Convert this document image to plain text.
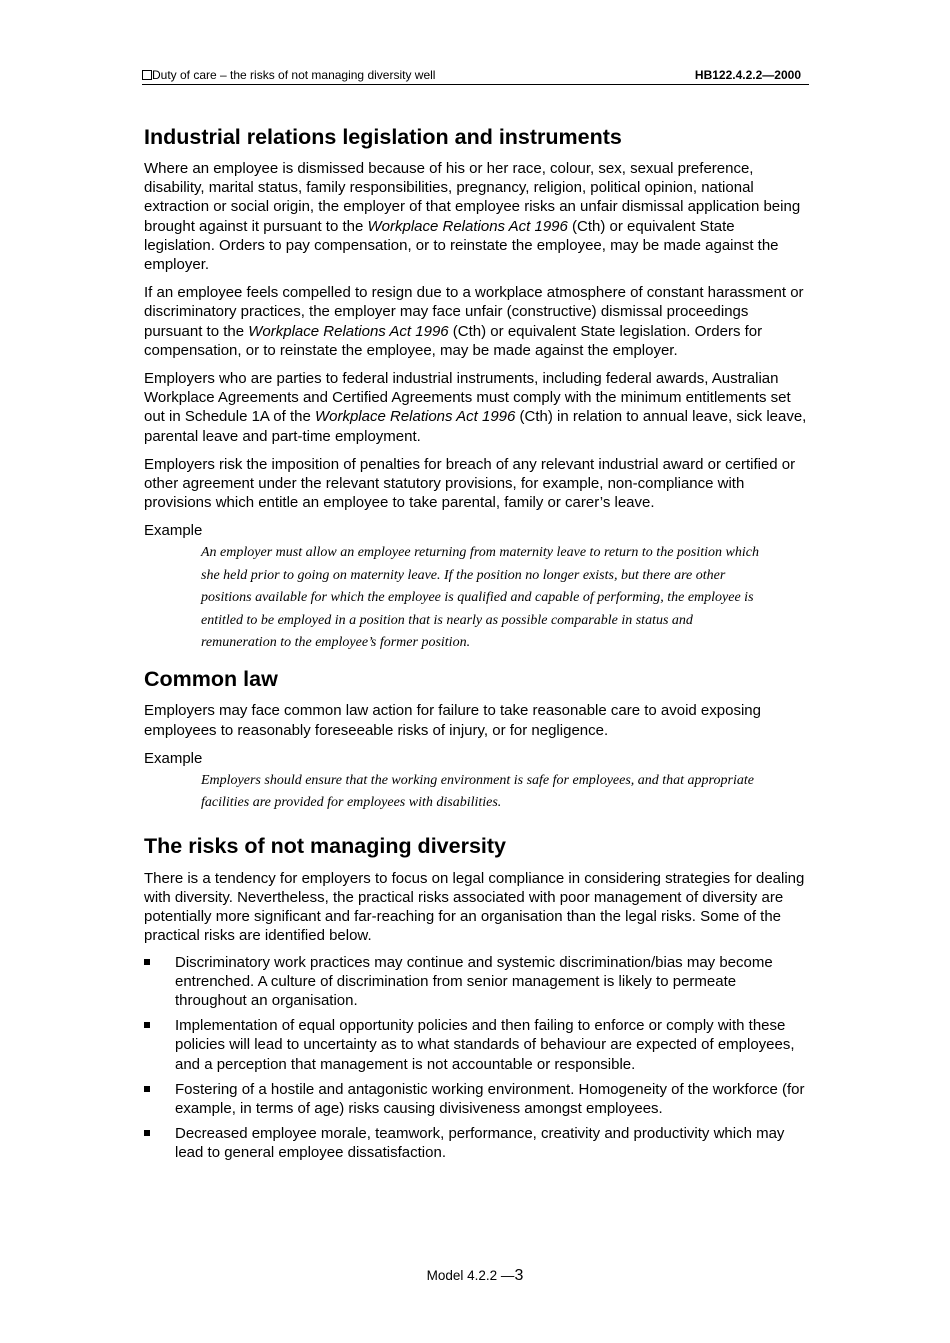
Duty of care – the risks of not managing diversity well	HB122.4.2.2—2000
Industrial relations legislation and instruments

Where an employee is dismissed because of his or her race, colour, sex, sexual preference, disability, marital status, family responsibilities, pregnancy, religion, political opinion, national extraction or social origin, the employer of that employee risks an unfair dismissal application being brought against it pursuant to the Workplace Relations Act 1996 (Cth) or equivalent State legislation. Orders to pay compensation, or to reinstate the employee, may be made against the employer.

If an employee feels compelled to resign due to a workplace atmosphere of constant harassment or discriminatory practices, the employer may face unfair (constructive) dismissal proceedings pursuant to the Workplace Relations Act 1996 (Cth) or equivalent State legislation. Orders for compensation, or to reinstate the employee, may be made against the employer.

Employers who are parties to federal industrial instruments, including federal awards, Australian Workplace Agreements and Certified Agreements must comply with the minimum entitlements set out in Schedule 1A of the Workplace Relations Act 1996 (Cth) in relation to annual leave, sick leave, parental leave and part-time employment.

Employers risk the imposition of penalties for breach of any relevant industrial award or certified or other agreement under the relevant statutory provisions, for example, non-compliance with provisions which entitle an employee to take parental, family or carer’s leave.

Example
An employer must allow an employee returning from maternity leave to return to the position which she held prior to going on maternity leave. If the position no longer exists, but there are other positions available for which the employee is qualified and capable of performing, the employee is entitled to be employed in a position that is nearly as possible comparable in status and remuneration to the employee’s former position.
Common law

Employers may face common law action for failure to take reasonable care to avoid exposing employees to reasonably foreseeable risks of injury, or for negligence.

Example
Employers should ensure that the working environment is safe for employees, and that appropriate facilities are provided for employees with disabilities.
The risks of not managing diversity

There is a tendency for employers to focus on legal compliance in considering strategies for dealing with diversity. Nevertheless, the practical risks associated with poor management of diversity are potentially more significant and far-reaching for an organisation than the legal risks. Some of the practical risks are identified below.

Discriminatory work practices may continue and systemic discrimination/bias may become entrenched. A culture of discrimination from senior management is likely to permeate throughout an organisation.
Implementation of equal opportunity policies and then failing to enforce or comply with these policies will lead to uncertainty as to what standards of behaviour are expected of employees, and a perception that management is not accountable or responsible.
Fostering of a hostile and antagonistic working environment. Homogeneity of the workforce (for example, in terms of age) risks causing divisiveness amongst employees.
Decreased employee morale, teamwork, performance, creativity and productivity which may lead to general employee dissatisfaction.
Model 4.2.2 —3
